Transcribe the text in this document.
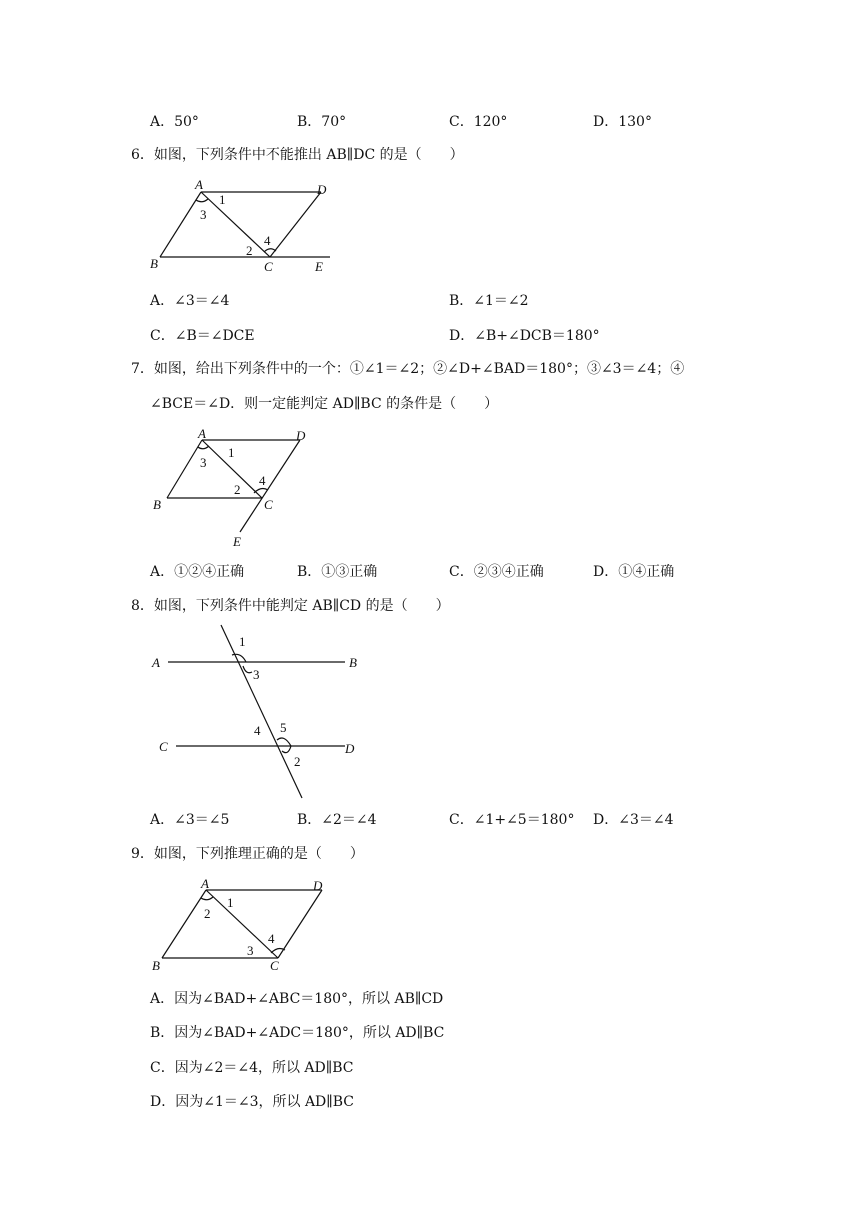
A．50°	B．70°	C．120°	D．130°
6．如图，下列条件中不能推出 AB∥DC 的是（　　）
A	D
B	C	E
1
2
3
4
A．∠3＝∠4	B．∠1＝∠2
C．∠B＝∠DCE	D．∠B+∠DCB＝180°
7．如图，给出下列条件中的一个：①∠1＝∠2；②∠D+∠BAD＝180°；③∠3＝∠4；④
∠BCE＝∠D．则一定能判定 AD∥BC 的条件是（　　）
A	D
B	C
E
1
2
3
4
A．①②④正确	B．①③正确	C．②③④正确	D．①④正确
8．如图，下列条件中能判定 AB∥CD 的是（　　）
A	B
C	D
1
2
3
4 5
A．∠3＝∠5	B．∠2＝∠4	C．∠1+∠5＝180° D．∠3＝∠4
9．如图，下列推理正确的是（　　）
A	D
B	C
1
2
3
4
A．因为∠BAD+∠ABC＝180°，所以 AB∥CD
B．因为∠BAD+∠ADC＝180°，所以 AD∥BC
C．因为∠2＝∠4，所以 AD∥BC
D．因为∠1＝∠3，所以 AD∥BC
